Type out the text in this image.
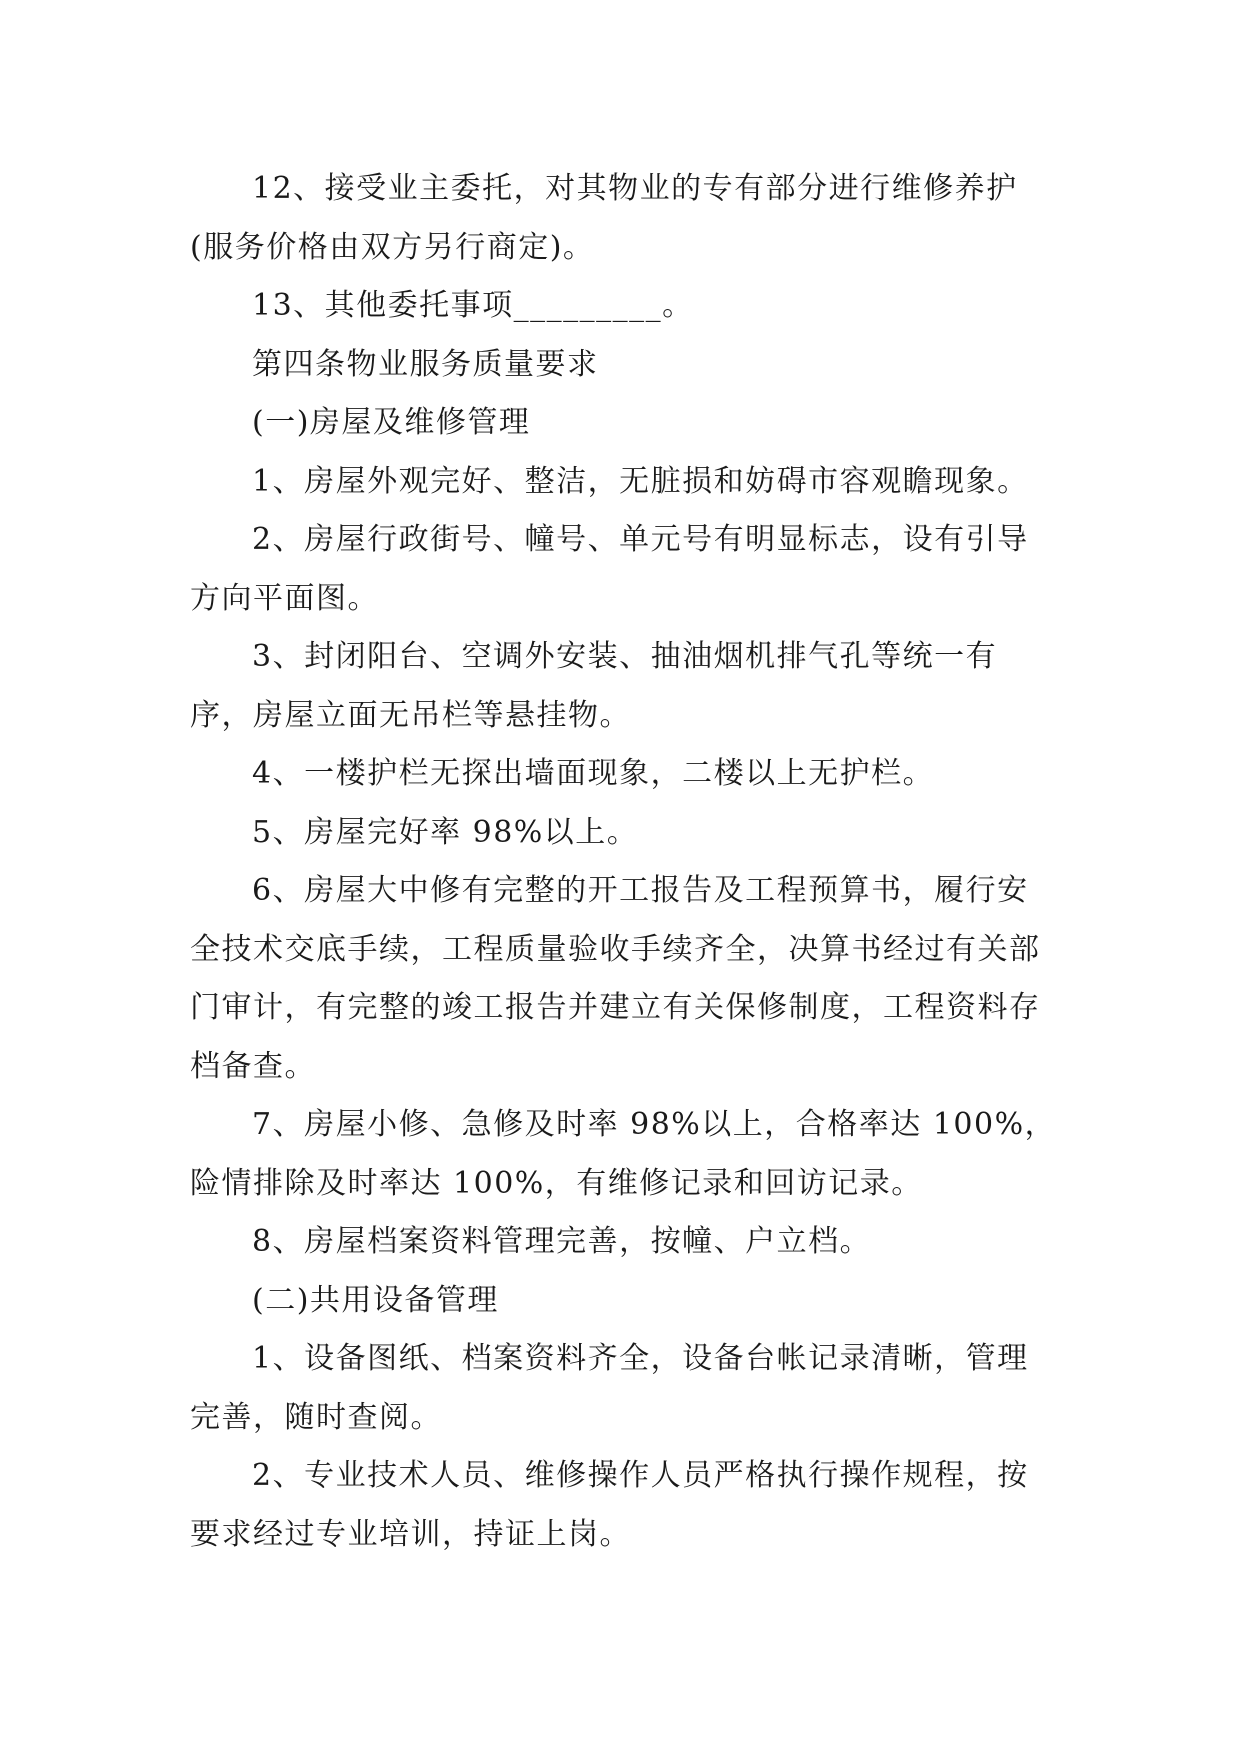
12、接受业主委托，对其物业的专有部分进行维修养护(服务价格由双方另行商定)。

13、其他委托事项_________。

第四条物业服务质量要求

(一)房屋及维修管理

1、房屋外观完好、整洁，无脏损和妨碍市容观瞻现象。

2、房屋行政街号、幢号、单元号有明显标志，设有引导方向平面图。

3、封闭阳台、空调外安装、抽油烟机排气孔等统一有序，房屋立面无吊栏等悬挂物。

4、一楼护栏无探出墙面现象，二楼以上无护栏。

5、房屋完好率 98%以上。

6、房屋大中修有完整的开工报告及工程预算书，履行安全技术交底手续，工程质量验收手续齐全，决算书经过有关部门审计，有完整的竣工报告并建立有关保修制度，工程资料存档备查。

7、房屋小修、急修及时率 98%以上，合格率达 100%，险情排除及时率达 100%，有维修记录和回访记录。

8、房屋档案资料管理完善，按幢、户立档。

(二)共用设备管理

1、设备图纸、档案资料齐全，设备台帐记录清晰，管理完善，随时查阅。

2、专业技术人员、维修操作人员严格执行操作规程，按要求经过专业培训，持证上岗。
